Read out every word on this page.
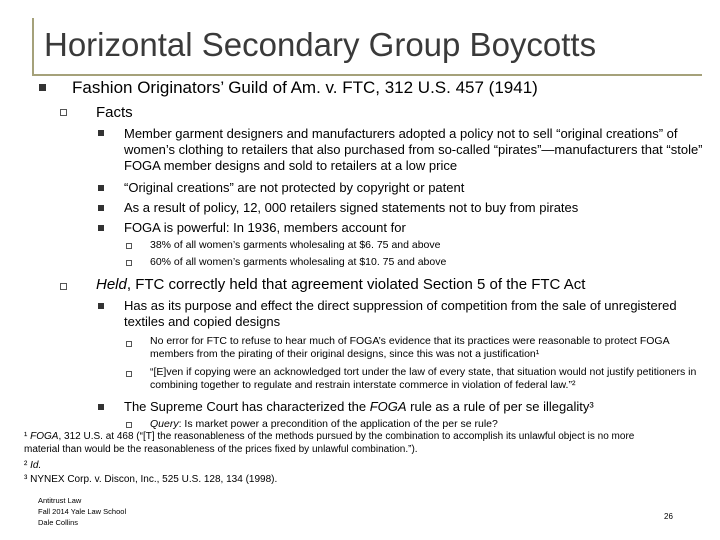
Horizontal Secondary Group Boycotts
Fashion Originators’ Guild of Am. v. FTC, 312 U.S. 457 (1941)
Facts
Member garment designers and manufacturers adopted a policy not to sell “original creations” of women’s clothing to retailers that also purchased from so-called “pirates”—manufacturers that “stole” FOGA member designs and sold to retailers at a low price
“Original creations” are not protected by copyright or patent
As a result of policy, 12, 000 retailers signed statements not to buy from pirates
FOGA is powerful: In 1936, members account for
38% of all women’s garments wholesaling at $6. 75 and above
60% of all women’s garments wholesaling at $10. 75 and above
Held, FTC correctly held that agreement violated Section 5 of the FTC Act
Has as its purpose and effect the direct suppression of competition from the sale of unregistered textiles and copied designs
No error for FTC to refuse to hear much of FOGA’s evidence that its practices were reasonable to protect FOGA members from the pirating of their original designs, since this was not a justification¹
“[E]ven if copying were an acknowledged tort under the law of every state, that situation would not justify petitioners in combining together to regulate and restrain interstate commerce in violation of federal law.”²
The Supreme Court has characterized the FOGA rule as a rule of per se illegality³
Query: Is market power a precondition of the application of the per se rule?
¹ FOGA, 312 U.S. at 468 (“[T] the reasonableness of the methods pursued by the combination to accomplish its unlawful object is no more material than would be the reasonableness of the prices fixed by unlawful combination.”).
² Id.
³ NYNEX Corp. v. Discon, Inc., 525 U.S. 128, 134 (1998).
Antitrust Law
Fall 2014 Yale Law School
Dale Collins
26
